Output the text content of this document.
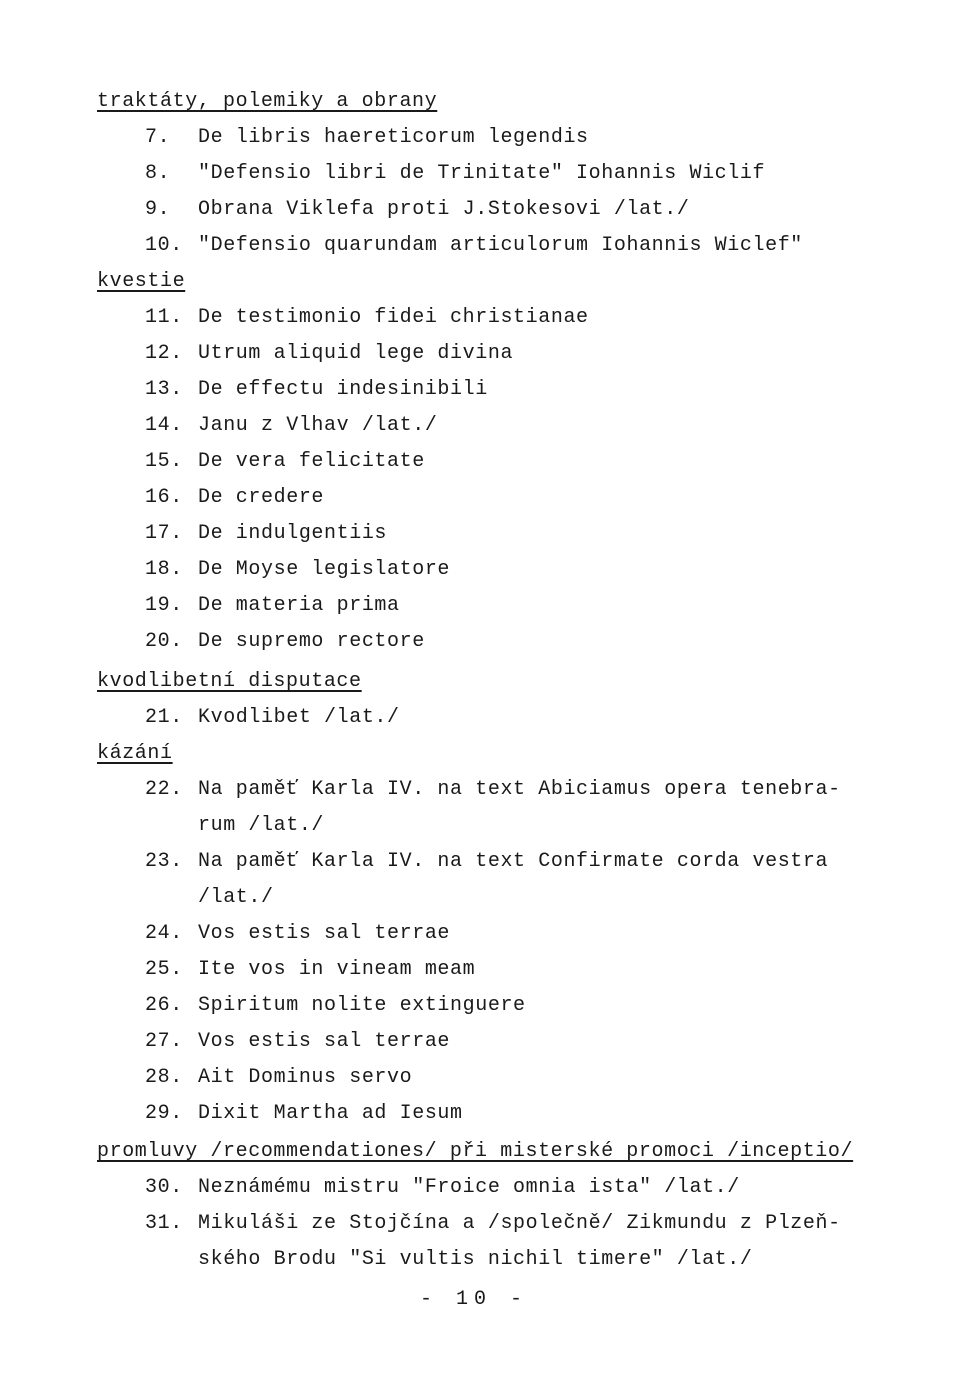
traktáty, polemiky a obrany
7.	De libris haereticorum legendis
8.	"Defensio libri de Trinitate" Iohannis Wiclif
9.	Obrana Viklefa proti J.Stokesovi /lat./
10. "Defensio quarundam articulorum Iohannis Wiclef"
kvestie
11. De testimonio fidei christianae
12. Utrum aliquid lege divina
13. De effectu indesinibili
14. Janu z Vlhav /lat./
15. De vera felicitate
16. De credere
17. De indulgentiis
18. De Moyse legislatore
19. De materia prima
20. De supremo rectore
kvodlibetní disputace
21. Kvodlibet /lat./
kázání
22. Na paměť Karla IV. na text Abiciamus opera tenebra-
rum /lat./
23. Na paměť Karla IV. na text Confirmate corda vestra
/lat./
24. Vos estis sal terrae
25. Ite vos in vineam meam
26. Spiritum nolite extinguere
27. Vos estis sal terrae
28. Ait Dominus servo
29. Dixit Martha ad Iesum
promluvy /recommendationes/ při misterské promoci /inceptio/
30. Neznámému mistru "Froice omnia ista" /lat./
31. Mikuláši ze Stojčína a /společně/ Zikmundu z Plzeň-
ského Brodu "Si vultis nichil timere" /lat./
- 10 -
